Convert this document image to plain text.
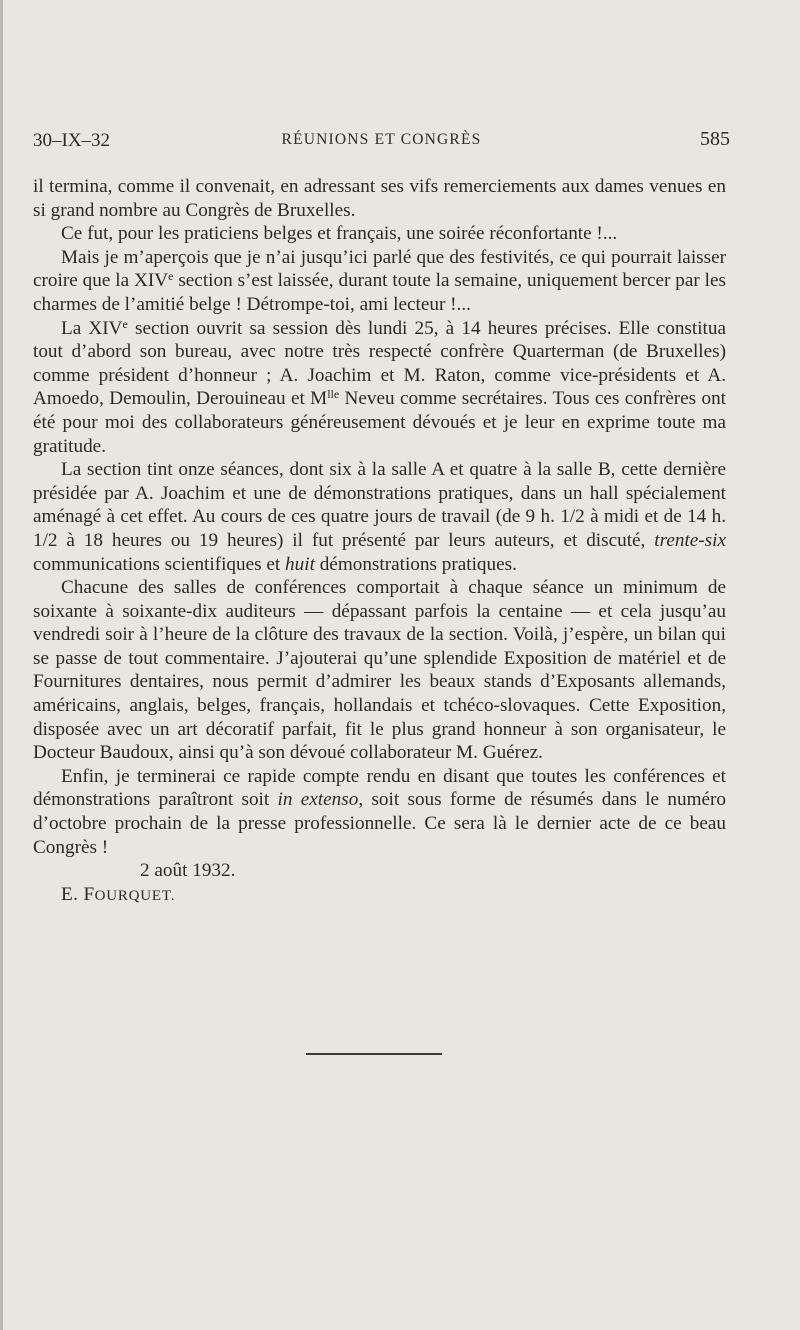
30–IX–32	RÉUNIONS ET CONGRÈS	585

il termina, comme il convenait, en adressant ses vifs remerciements aux dames venues en si grand nombre au Congrès de Bruxelles.

Ce fut, pour les praticiens belges et français, une soirée réconfortante !...

Mais je m’aperçois que je n’ai jusqu’ici parlé que des festivités, ce qui pourrait laisser croire que la XIVe section s’est laissée, durant toute la semaine, uniquement bercer par les charmes de l’amitié belge ! Détrompe-toi, ami lecteur !...

La XIVe section ouvrit sa session dès lundi 25, à 14 heures précises. Elle constitua tout d’abord son bureau, avec notre très respecté confrère Quarterman (de Bruxelles) comme président d’honneur ; A. Joachim et M. Raton, comme vice-présidents et A. Amoedo, Demoulin, Derouineau et $M^{lle}$ Neveu comme secrétaires. Tous ces confrères ont été pour moi des collaborateurs généreusement dévoués et je leur en exprime toute ma gratitude.

La section tint onze séances, dont six à la salle A et quatre à la salle B, cette dernière présidée par A. Joachim et une de démonstrations pratiques, dans un hall spécialement aménagé à cet effet. Au cours de ces quatre jours de travail (de 9 h. 1/2 à midi et de 14 h. 1/2 à 18 heures ou 19 heures) il fut présenté par leurs auteurs, et discuté, trente-six communications scientifiques et huit démonstrations pratiques.

Chacune des salles de conférences comportait à chaque séance un minimum de soixante à soixante-dix auditeurs — dépassant parfois la centaine — et cela jusqu’au vendredi soir à l’heure de la clôture des travaux de la section. Voilà, j’espère, un bilan qui se passe de tout commentaire. J’ajouterai qu’une splendide Exposition de matériel et de Fournitures dentaires, nous permit d’admirer les beaux stands d’Exposants allemands, américains, anglais, belges, français, hollandais et tchéco-slovaques. Cette Exposition, disposée avec un art décoratif parfait, fit le plus grand honneur à son organisateur, le Docteur Baudoux, ainsi qu’à son dévoué collaborateur M. Guérez.

Enfin, je terminerai ce rapide compte rendu en disant que toutes les conférences et démonstrations paraîtront soit in extenso, soit sous forme de résumés dans le numéro d’octobre prochain de la presse professionnelle. Ce sera là le dernier acte de ce beau Congrès !

2 août 1932.

E. FOURQUET.
